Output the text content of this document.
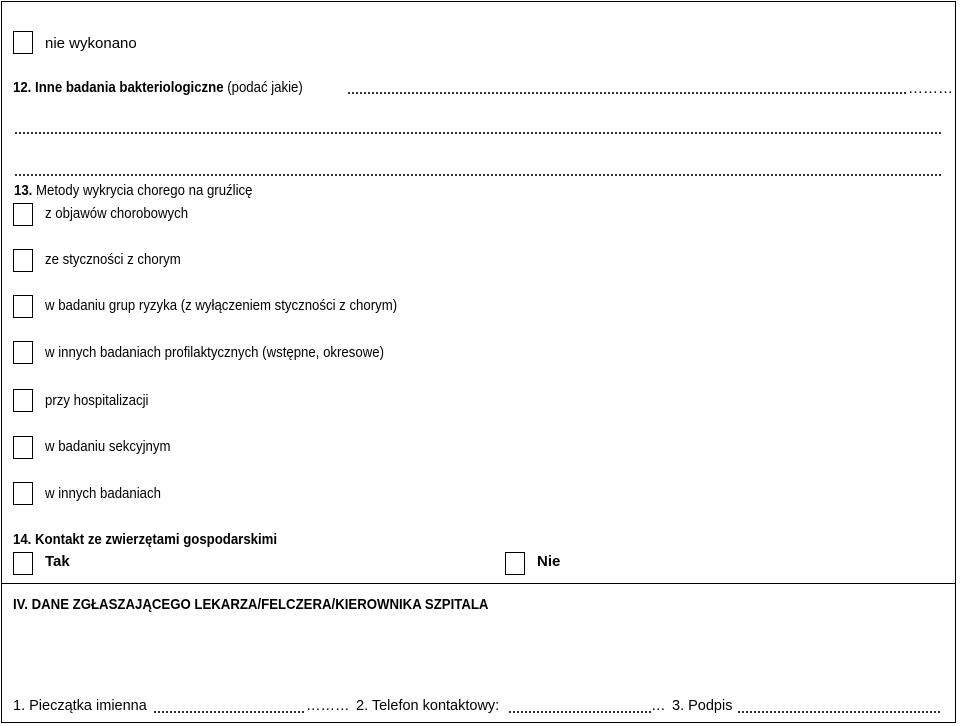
nie wykonano
12. Inne badania bakteriologiczne (podać jakie)	………
13. Metody wykrycia chorego na gruźlicę
z objawów chorobowych
ze styczności z chorym
w badaniu grup ryzyka (z wyłączeniem styczności z chorym)
w innych badaniach profilaktycznych (wstępne, okresowe)
przy hospitalizacji
w badaniu sekcyjnym
w innych badaniach
14. Kontakt ze zwierzętami gospodarskimi
Tak	Nie
IV. DANE ZGŁASZAJĄCEGO LEKARZA/FELCZERA/KIEROWNIKA SZPITALA
1. Pieczątka imienna	……… 2. Telefon kontaktowy:	… 3. Podpis
